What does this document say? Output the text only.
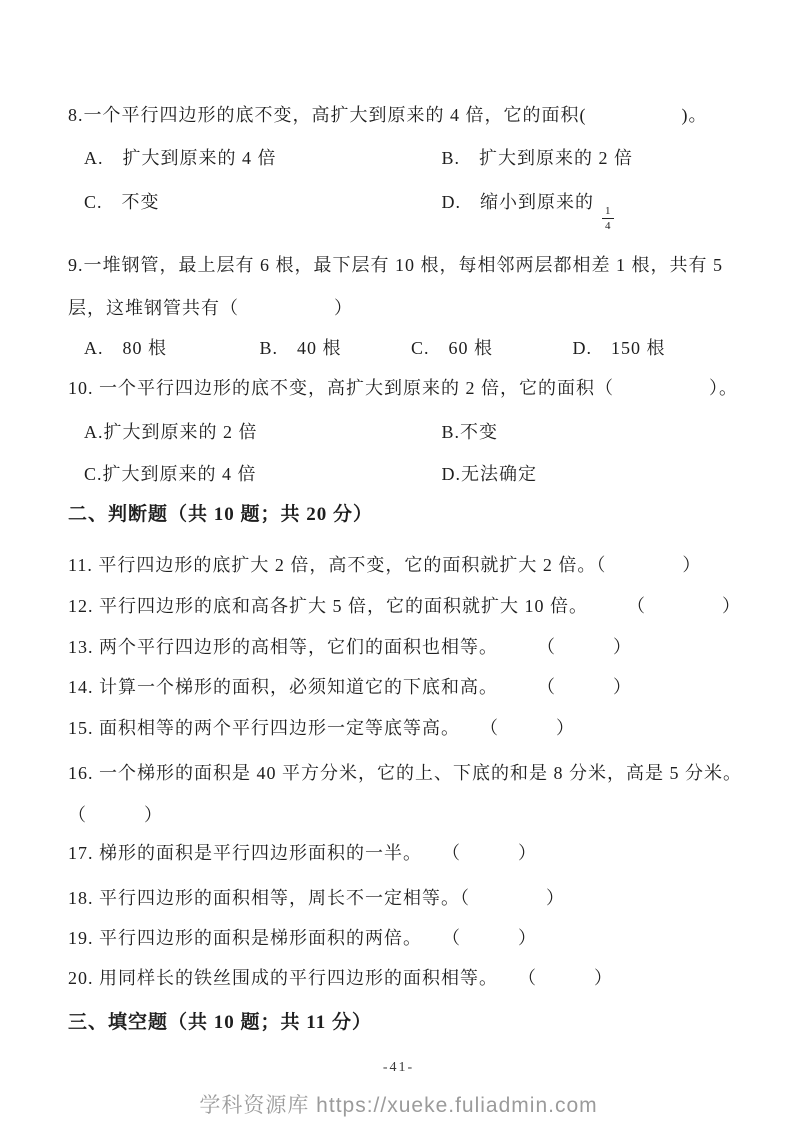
8.一个平行四边形的底不变，高扩大到原来的 4 倍，它的面积(　　　　　)。
A.　扩大到原来的 4 倍	B.　扩大到原来的 2 倍
C.　不变	D.　缩小到原来的
$\frac{1}{4}$
9.一堆钢管，最上层有 6 根，最下层有 10 根，每相邻两层都相差 1 根，共有 5
层，这堆钢管共有（　　　　　）
A.　80 根	B.　40 根	C.　60 根	D.　150 根
10. 一个平行四边形的底不变，高扩大到原来的 2 倍，它的面积（　　　　　）。
A.扩大到原来的 2 倍	B.不变
C.扩大到原来的 4 倍	D.无法确定
二、判断题（共 10 题；共 20 分）
11. 平行四边形的底扩大 2 倍，高不变，它的面积就扩大 2 倍。（　　　　）
12. 平行四边形的底和高各扩大 5 倍，它的面积就扩大 10 倍。　　　（　　　　）
13. 两个平行四边形的高相等，它们的面积也相等。　　　（　　　）
14. 计算一个梯形的面积，必须知道它的下底和高。　　　（　　　）
15. 面积相等的两个平行四边形一定等底等高。　　（　　　）
16. 一个梯形的面积是 40 平方分米，它的上、下底的和是 8 分米，高是 5 分米。
（　　　）
17. 梯形的面积是平行四边形面积的一半。　　（　　　）
18. 平行四边形的面积相等，周长不一定相等。（　　　　）
19. 平行四边形的面积是梯形面积的两倍。　　（　　　）
20. 用同样长的铁丝围成的平行四边形的面积相等。　　（　　　）
三、填空题（共 10 题；共 11 分）
-41-
学科资源库 https://xueke.fuliadmin.com
